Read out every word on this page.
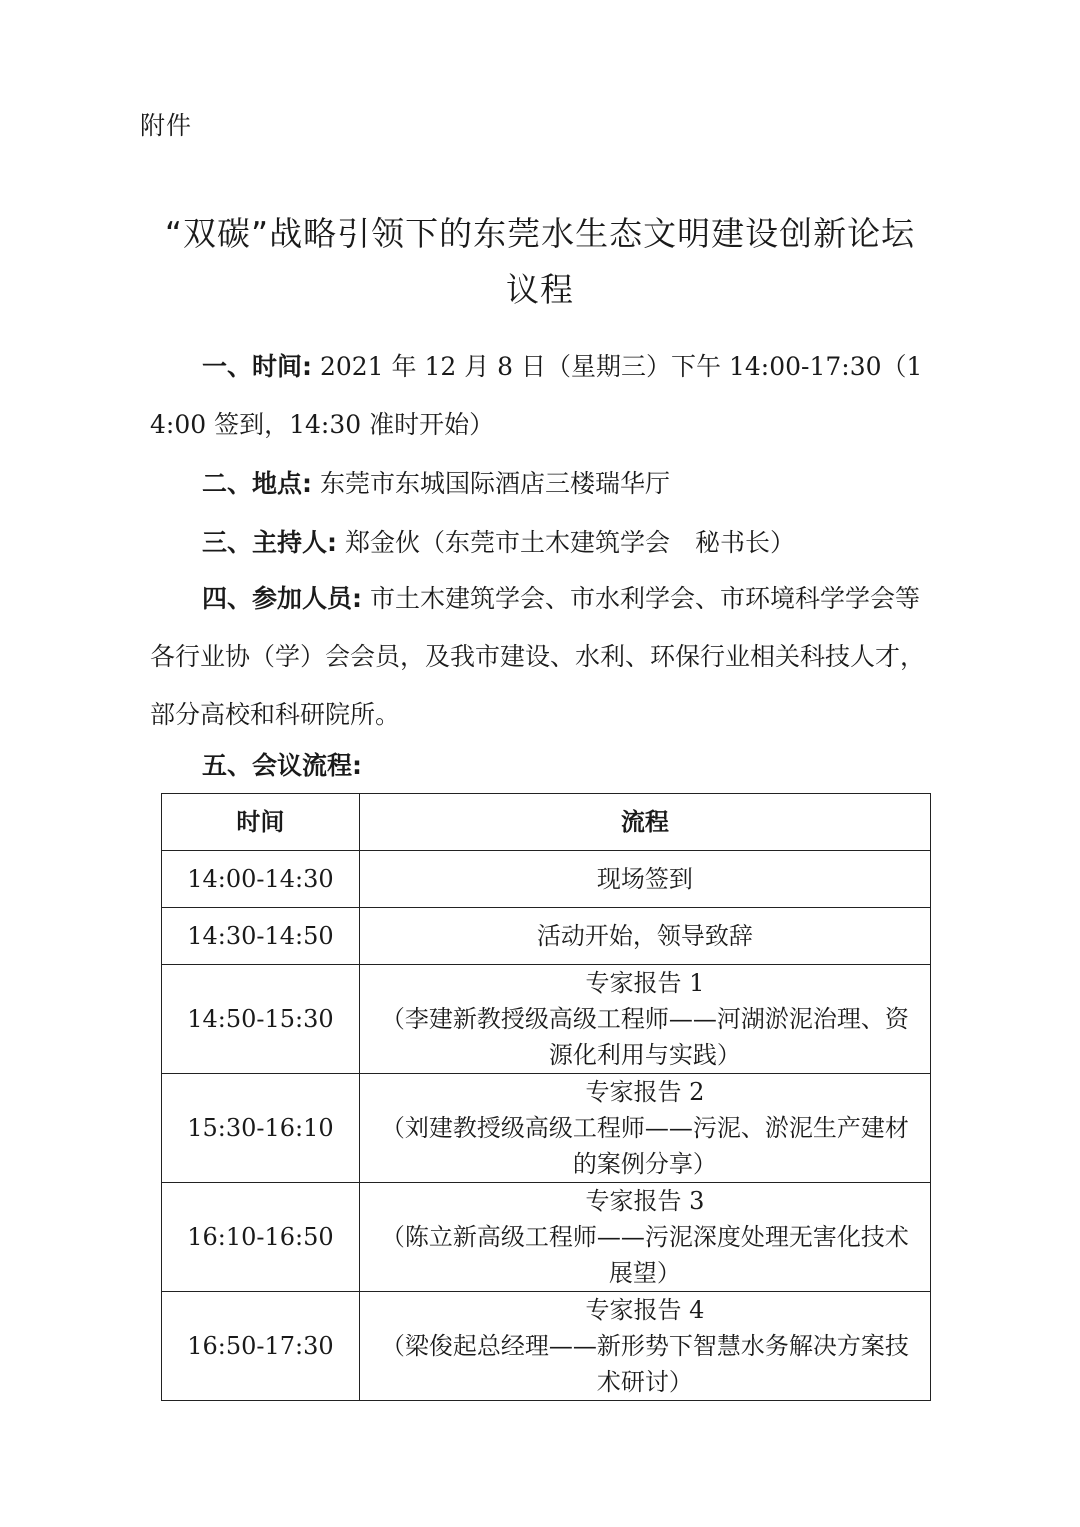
附件
“双碳”战略引领下的东莞水生态文明建设创新论坛
议程

一、时间: 2021 年 12 月 8 日（星期三）下午 14:00-17:30（14:00 签到，14:30 准时开始）

二、地点: 东莞市东城国际酒店三楼瑞华厅

三、主持人: 郑金伙（东莞市土木建筑学会　秘书长）

四、参加人员: 市土木建筑学会、市水利学会、市环境科学学会等各行业协（学）会会员，及我市建设、水利、环保行业相关科技人才，部分高校和科研院所。

五、会议流程:

时间	流程
14:00-14:30	现场签到

14:30-14:50	活动开始，领导致辞

14:50-15:30	专家报告 1
（李建新教授级高级工程师——河湖淤泥治理、资源化利用与实践）

15:30-16:10	专家报告 2
（刘建教授级高级工程师——污泥、淤泥生产建材的案例分享）

16:10-16:50	专家报告 3
（陈立新高级工程师——污泥深度处理无害化技术展望）

16:50-17:30	专家报告 4
（梁俊起总经理——新形势下智慧水务解决方案技术研讨）
